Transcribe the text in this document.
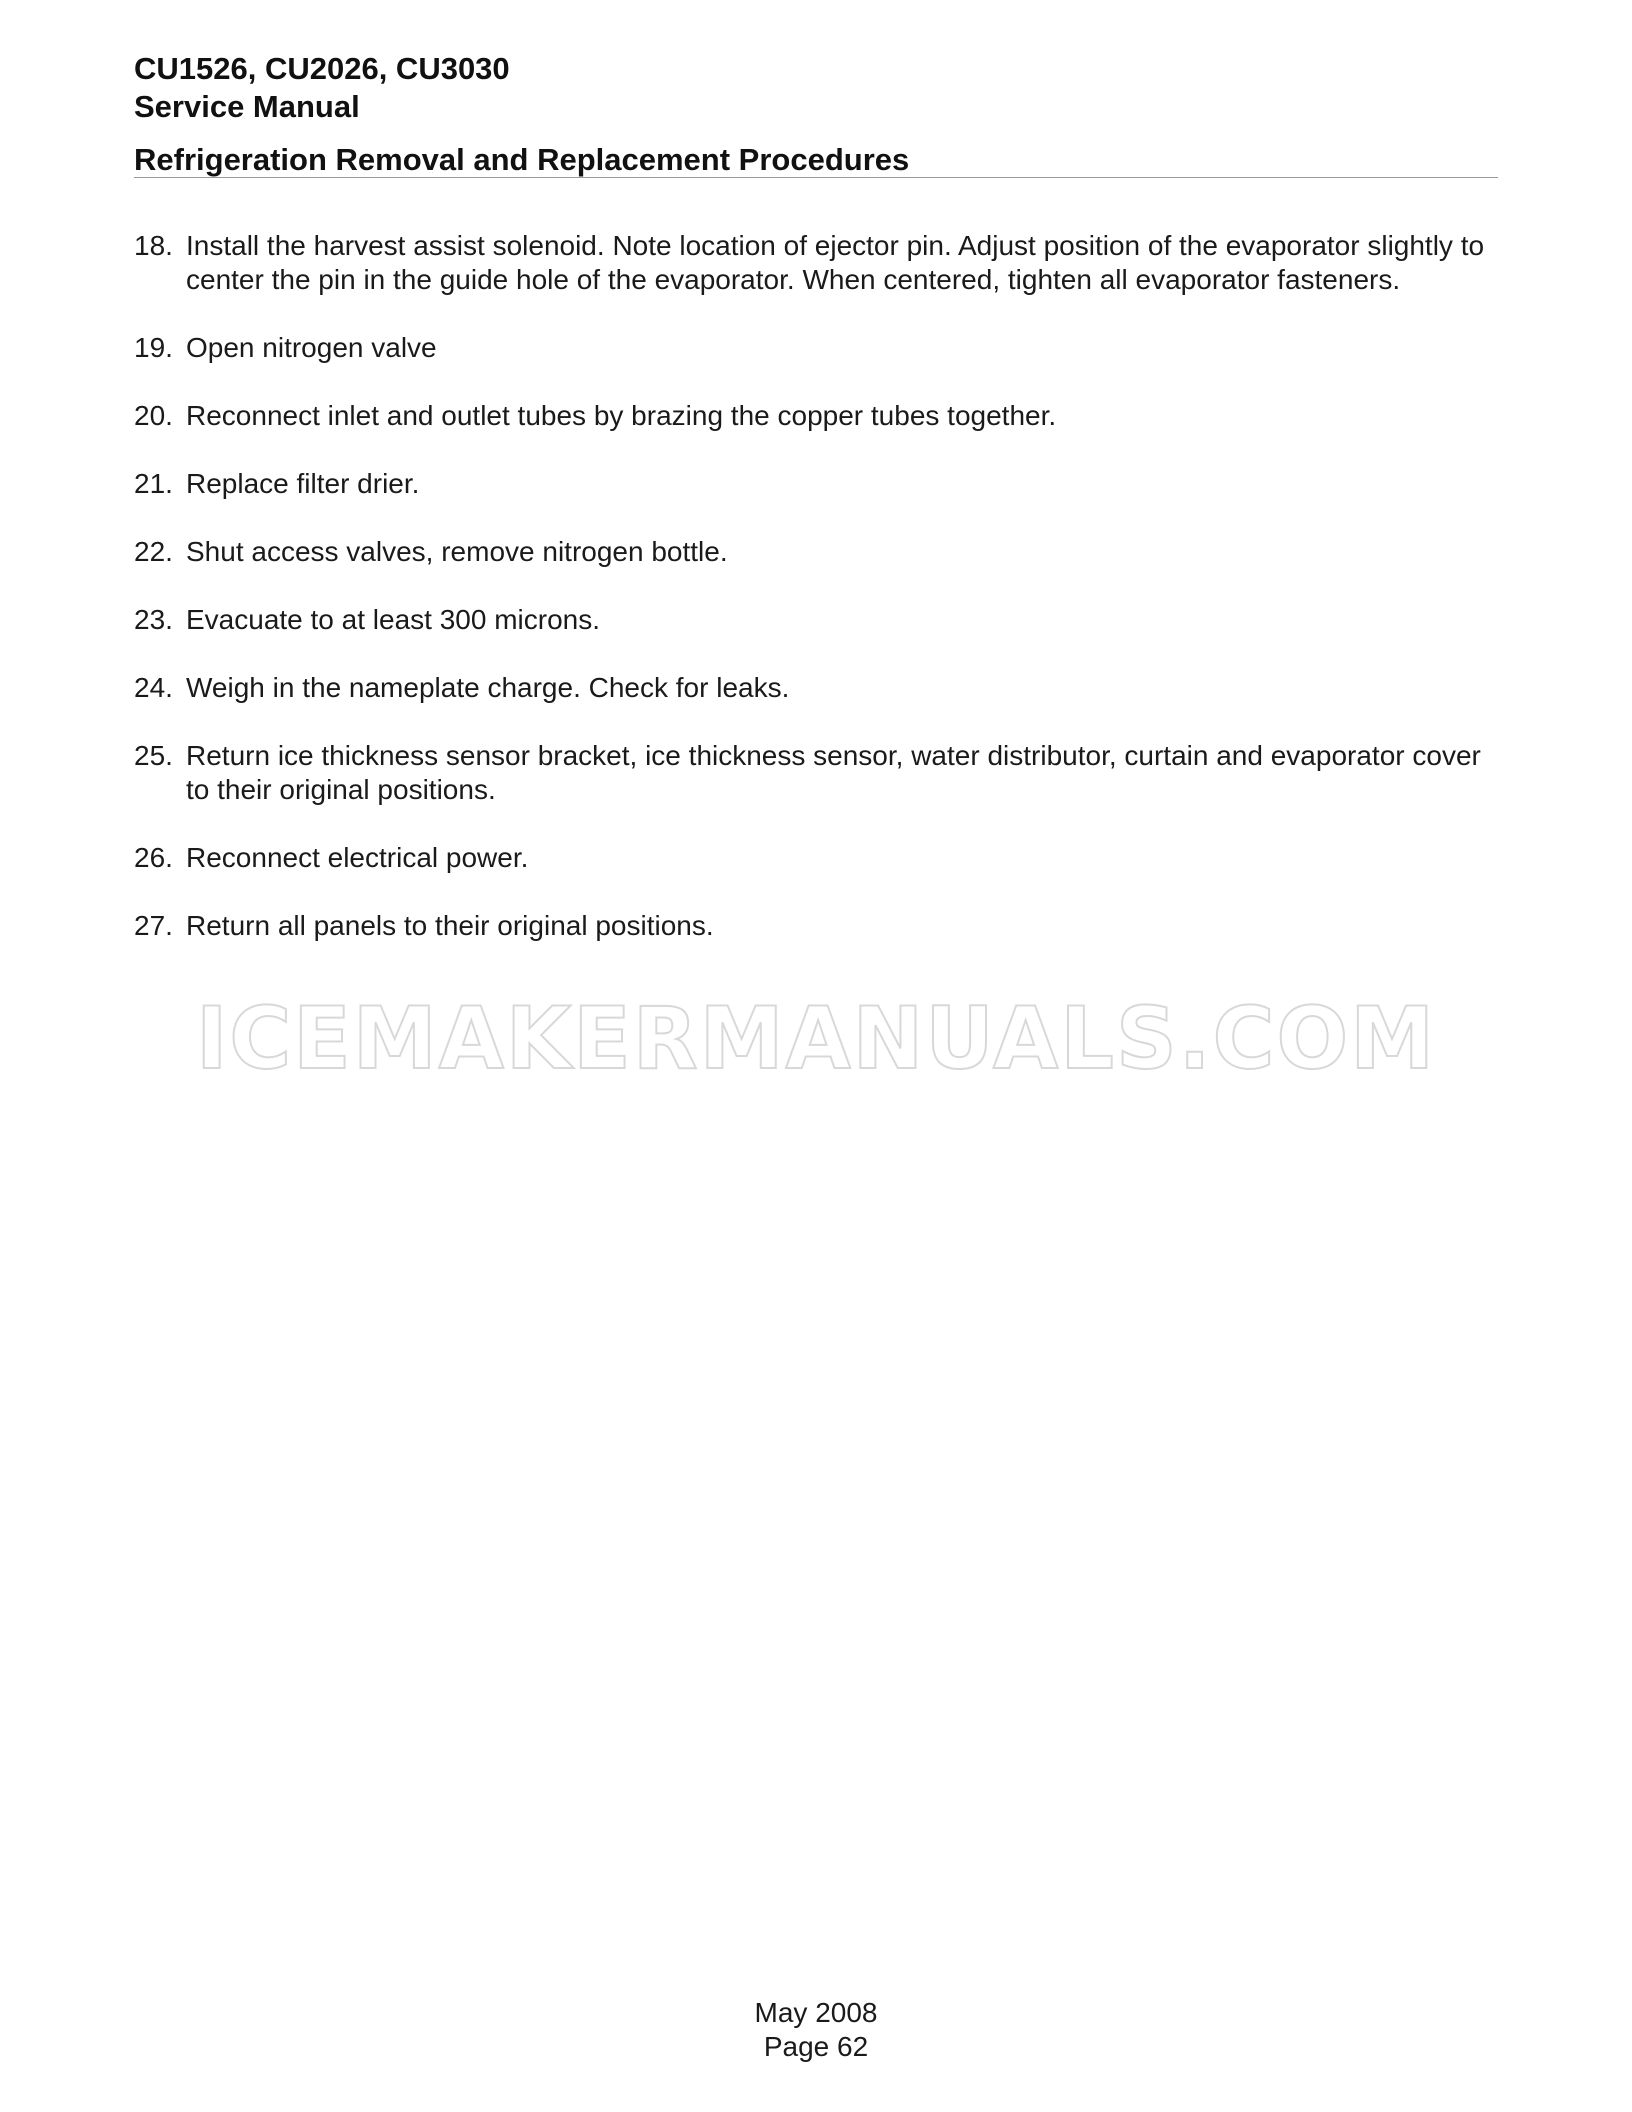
CU1526, CU2026, CU3030
Service Manual
Refrigeration Removal and Replacement Procedures
18. Install the harvest assist solenoid. Note location of ejector pin. Adjust position of the evaporator slightly to center the pin in the guide hole of the evaporator. When centered, tighten all evaporator fasteners.
19. Open nitrogen valve
20. Reconnect inlet and outlet tubes by brazing the copper tubes together.
21. Replace filter drier.
22. Shut access valves, remove nitrogen bottle.
23. Evacuate to at least 300 microns.
24. Weigh in the nameplate charge. Check for leaks.
25. Return ice thickness sensor bracket, ice thickness sensor, water distributor, curtain and evaporator cover to their original positions.
26. Reconnect electrical power.
27. Return all panels to their original positions.
ICEMAKERMANUALS.COM
May 2008
Page 62
